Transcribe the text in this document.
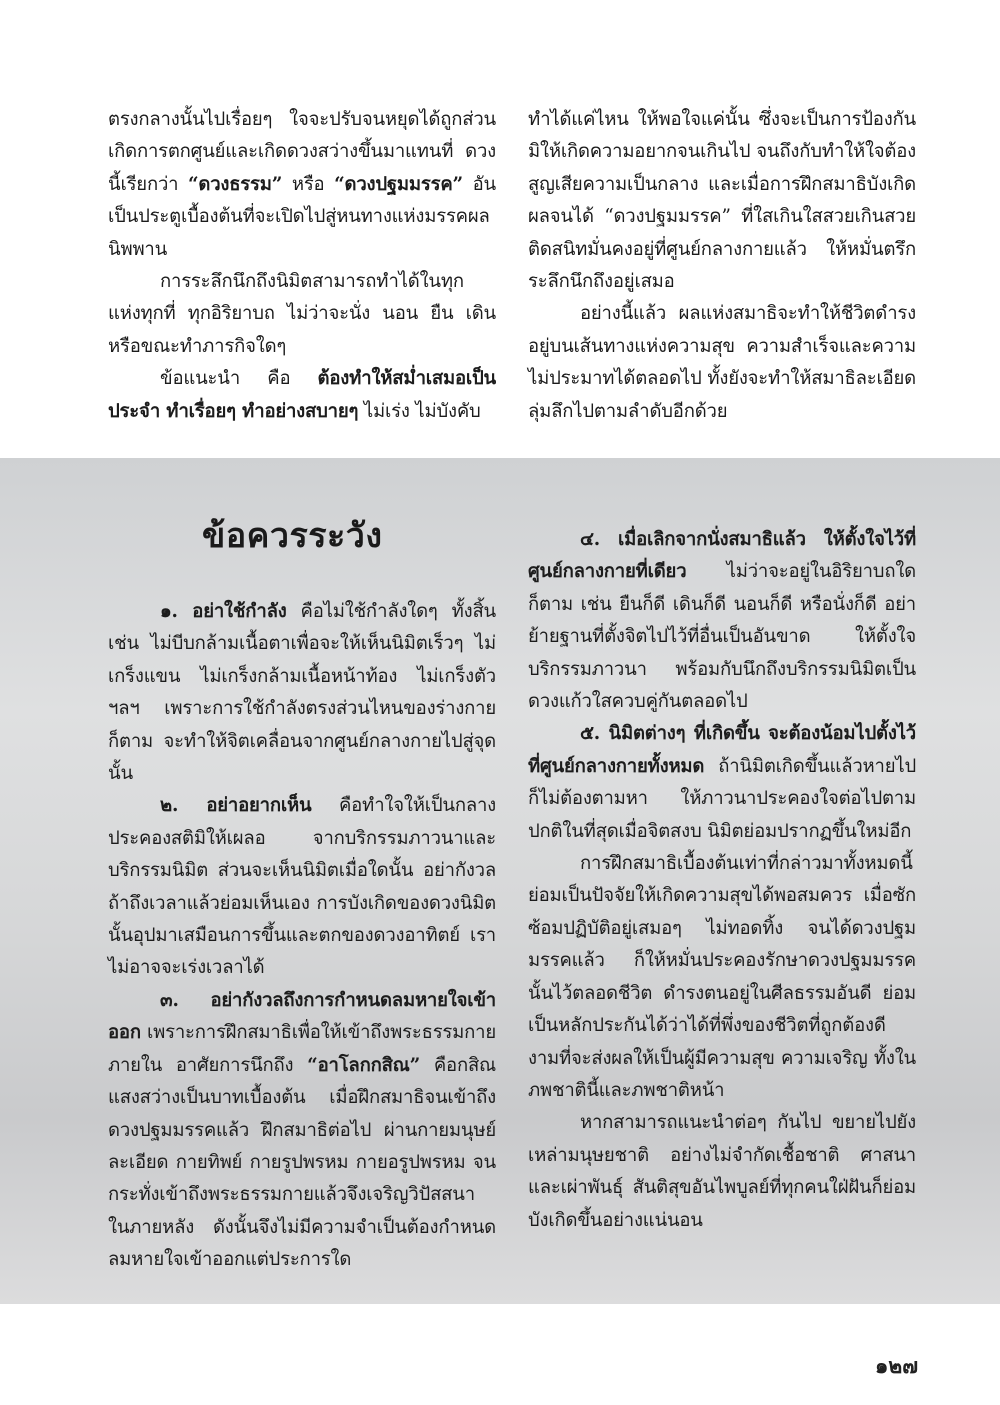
ตรงกลางนั้นไปเรื่อยๆ ใจจะปรับจนหยุดได้ถูกส่วน เกิดการตกศูนย์และเกิดดวงสว่างขึ้นมาแทนที่ ดวงนี้เรียกว่า “ดวงธรรม” หรือ “ดวงปฐมมรรค” อันเป็นประตูเบื้องต้นที่จะเปิดไปสู่หนทางแห่งมรรคผลนิพพาน

การระลึกนึกถึงนิมิตสามารถทำได้ในทุกแห่งทุกที่ ทุกอิริยาบถ ไม่ว่าจะนั่ง นอน ยืน เดิน หรือขณะทำภารกิจใดๆ

ข้อแนะนำ คือ ต้องทำให้สม่ำเสมอเป็นประจำ ทำเรื่อยๆ ทำอย่างสบายๆ ไม่เร่ง ไม่บังคับ

ทำได้แค่ไหน ให้พอใจแค่นั้น ซึ่งจะเป็นการป้องกันมิให้เกิดความอยากจนเกินไป จนถึงกับทำให้ใจต้องสูญเสียความเป็นกลาง และเมื่อการฝึกสมาธิบังเกิดผลจนได้ “ดวงปฐมมรรค” ที่ใสเกินใสสวยเกินสวย ติดสนิทมั่นคงอยู่ที่ศูนย์กลางกายแล้ว ให้หมั่นตรึกระลึกนึกถึงอยู่เสมอ

อย่างนี้แล้ว ผลแห่งสมาธิจะทำให้ชีวิตดำรงอยู่บนเส้นทางแห่งความสุข ความสำเร็จและความไม่ประมาทได้ตลอดไป ทั้งยังจะทำให้สมาธิละเอียดลุ่มลึกไปตามลำดับอีกด้วย

ข้อควรระวัง

๑. อย่าใช้กำลัง คือไม่ใช้กำลังใดๆ ทั้งสิ้น เช่น ไม่บีบกล้ามเนื้อตาเพื่อจะให้เห็นนิมิตเร็วๆ ไม่เกร็งแขน ไม่เกร็งกล้ามเนื้อหน้าท้อง ไม่เกร็งตัว ฯลฯ เพราะการใช้กำลังตรงส่วนไหนของร่างกายก็ตาม จะทำให้จิตเคลื่อนจากศูนย์กลางกายไปสู่จุดนั้น

๒. อย่าอยากเห็น คือทำใจให้เป็นกลาง ประคองสติมิให้เผลอ จากบริกรรมภาวนาและบริกรรมนิมิต ส่วนจะเห็นนิมิตเมื่อใดนั้น อย่ากังวล ถ้าถึงเวลาแล้วย่อมเห็นเอง การบังเกิดของดวงนิมิตนั้นอุปมาเสมือนการขึ้นและตกของดวงอาทิตย์ เราไม่อาจจะเร่งเวลาได้

๓. อย่ากังวลถึงการกำหนดลมหายใจเข้าออก เพราะการฝึกสมาธิเพื่อให้เข้าถึงพระธรรมกายภายใน อาศัยการนึกถึง “อาโลกกสิณ” คือกสิณแสงสว่างเป็นบาทเบื้องต้น เมื่อฝึกสมาธิจนเข้าถึงดวงปฐมมรรคแล้ว ฝึกสมาธิต่อไป ผ่านกายมนุษย์ละเอียด กายทิพย์ กายรูปพรหม กายอรูปพรหม จนกระทั่งเข้าถึงพระธรรมกายแล้วจึงเจริญวิปัสสนาในภายหลัง ดังนั้นจึงไม่มีความจำเป็นต้องกำหนดลมหายใจเข้าออกแต่ประการใด

๔. เมื่อเลิกจากนั่งสมาธิแล้ว ให้ตั้งใจไว้ที่ศูนย์กลางกายที่เดียว ไม่ว่าจะอยู่ในอิริยาบถใดก็ตาม เช่น ยืนก็ดี เดินก็ดี นอนก็ดี หรือนั่งก็ดี อย่าย้ายฐานที่ตั้งจิตไปไว้ที่อื่นเป็นอันขาด ให้ตั้งใจบริกรรมภาวนา พร้อมกับนึกถึงบริกรรมนิมิตเป็นดวงแก้วใสควบคู่กันตลอดไป

๕. นิมิตต่างๆ ที่เกิดขึ้น จะต้องน้อมไปตั้งไว้ที่ศูนย์กลางกายทั้งหมด ถ้านิมิตเกิดขึ้นแล้วหายไปก็ไม่ต้องตามหา ให้ภาวนาประคองใจต่อไปตามปกติในที่สุดเมื่อจิตสงบ นิมิตย่อมปรากฏขึ้นใหม่อีก

การฝึกสมาธิเบื้องต้นเท่าที่กล่าวมาทั้งหมดนี้ ย่อมเป็นปัจจัยให้เกิดความสุขได้พอสมควร เมื่อซักซ้อมปฏิบัติอยู่เสมอๆ ไม่ทอดทิ้ง จนได้ดวงปฐมมรรคแล้ว ก็ให้หมั่นประคองรักษาดวงปฐมมรรคนั้นไว้ตลอดชีวิต ดำรงตนอยู่ในศีลธรรมอันดี ย่อมเป็นหลักประกันได้ว่าได้ที่พึ่งของชีวิตที่ถูกต้องดีงามที่จะส่งผลให้เป็นผู้มีความสุข ความเจริญ ทั้งในภพชาตินี้และภพชาติหน้า

หากสามารถแนะนำต่อๆ กันไป ขยายไปยังเหล่ามนุษยชาติ อย่างไม่จำกัดเชื้อชาติ ศาสนา และเผ่าพันธุ์ สันติสุขอันไพบูลย์ที่ทุกคนใฝ่ฝันก็ย่อมบังเกิดขึ้นอย่างแน่นอน

๑๒๗
